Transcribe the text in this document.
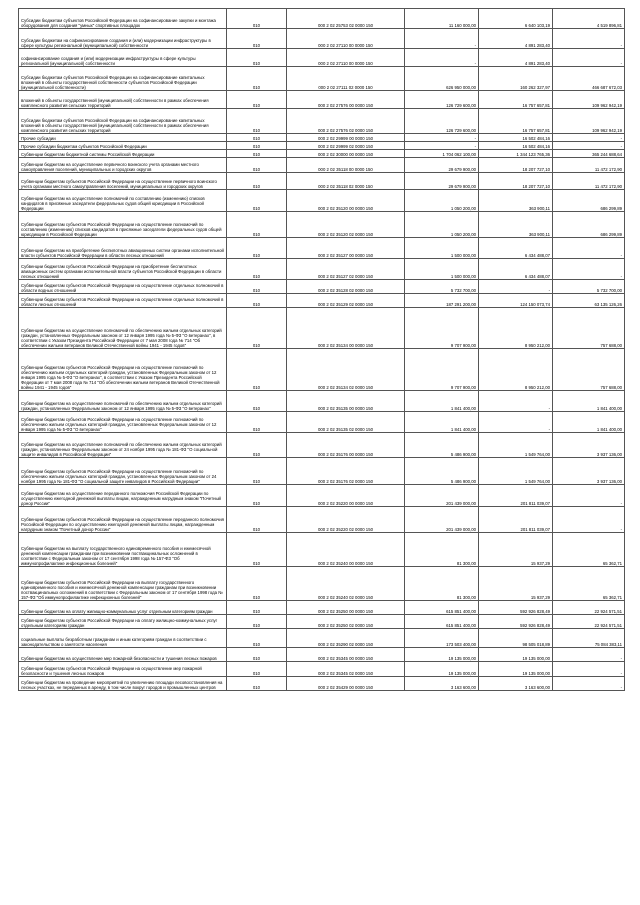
Субсидии бюджетам субъектов Российской Федерации на софинансирование закупки и монтажа оборудования для создания "умных" спортивных площадок	010	000 2 02 25753 02 0000 150	11 160 000,00	6 640 103,19	4 519 896,81
Субсидии бюджетам на софинансирование создания и (или) модернизации инфраструктуры в сфере культуры региональной (муниципальной) собственности	010	000 2 02 27110 00 0000 150	-	4 891 283,40	-
софинансирование создания и (или) модернизации инфраструктуры в сфере культуры региональной (муниципальной) собственности	010	000 2 02 27110 00 0000 150	-	4 891 283,40	-
Субсидии бюджетам субъектов Российской Федерации на софинансирование капитальных вложений в объекты государственной собственности субъектов Российской Федерации (муниципальной собственности)	010	000 2 02 27111 02 0000 150	626 950 000,00	160 262 327,97	466 687 672,03
вложений в объекты государственной (муниципальной) собственности в рамках обеспечения комплексного развития сельских территорий	010	000 2 02 27576 00 0000 150	126 729 600,00	16 757 657,81	109 962 942,19
Субсидии бюджетам субъектов Российской Федерации на софинансирование капитальных вложений в объекты государственной (муниципальной) собственности в рамках обеспечения комплексного развития сельских территорий	010	000 2 02 27576 02 0000 150	126 729 600,00	16 757 657,81	109 962 942,19
Прочие субсидии	010	000 2 02 29999 00 0000 150	-	16 502 484,16	-
Прочие субсидии бюджетам субъектов Российской Федерации	010	000 2 02 29999 02 0000 150	-	16 502 484,16	-
Субвенции бюджетам бюджетной системы Российской Федерации	010	000 2 02 30000 00 0000 150	1 704 062 100,00	1 344 123 765,36	365 244 688,64
Субвенции бюджетам на осуществление первичного воинского учета органами местного самоуправления поселений, муниципальных и городских округов	010	000 2 02 35118 00 0000 150	29 679 900,00	18 207 727,10	11 472 172,90
Субвенции бюджетам субъектов Российской Федерации на осуществление первичного воинского учета органами местного самоуправления поселений, муниципальных и городских округов	010	000 2 02 35118 02 0000 150	29 679 900,00	18 207 727,10	11 472 172,90
Субвенции бюджетам на осуществление полномочий по составлению (изменению) списков кандидатов в присяжные заседатели федеральных судов общей юрисдикции в Российской Федерации	010	000 2 02 35120 00 0000 150	1 050 200,00	363 900,11	686 299,89
Субвенции бюджетам субъектов Российской Федерации на осуществление полномочий по составлению (изменению) списков кандидатов в присяжные заседатели федеральных судов общей юрисдикции в Российской Федерации	010	000 2 02 35120 02 0000 150	1 050 200,00	363 900,11	686 299,89
Субвенции бюджетам на приобретение беспилотных авиационных систем органами исполнительной власти субъектов Российской Федерации в области лесных отношений	010	000 2 02 35127 00 0000 150	1 500 000,00	6 434 488,07	-
Субвенции бюджетам субъектов Российской Федерации на приобретение беспилотных авиационных систем органами исполнительной власти субъектов Российской Федерации в области лесных отношений	010	000 2 02 35127 02 0000 150	1 500 000,00	6 434 488,07	-
Субвенции бюджетам субъектов Российской Федерации на осуществление отдельных полномочий в области водных отношений	010	000 2 02 35128 02 0000 150	5 732 700,00	-	5 732 700,00
Субвенции бюджетам субъектов Российской Федерации на осуществление отдельных полномочий в области лесных отношений	010	000 2 02 35129 02 0000 150	187 291 200,00	124 150 073,74	63 135 126,26
Субвенции бюджетам на осуществление полномочий по обеспечению жильем отдельных категорий граждан, установленных Федеральным законом от 12 января 1995 года № 5-ФЗ "О ветеранах", в соответствии с Указом Президента Российской Федерации от 7 мая 2008 года № 714 "Об обеспечении жильем ветеранов Великой Отечественной войны 1941 - 1945 годов"	010	000 2 02 35134 00 0000 150	9 707 900,00	8 950 212,00	757 688,00
Субвенции бюджетам субъектов Российской Федерации на осуществление полномочий по обеспечению жильем отдельных категорий граждан, установленных Федеральным законом от 12 января 1995 года № 5-ФЗ "О ветеранах", в соответствии с Указом Президента Российской Федерации от 7 мая 2008 года № 714 "Об обеспечении жильем ветеранов Великой Отечественной войны 1941 - 1945 годов"	010	000 2 02 35134 02 0000 150	9 707 900,00	8 950 212,00	757 688,00
Субвенции бюджетам на осуществление полномочий по обеспечению жильем отдельных категорий граждан, установленных Федеральным законом от 12 января 1995 года № 5-ФЗ "О ветеранах"	010	000 2 02 35135 00 0000 150	1 841 400,00	-	1 841 400,00
Субвенции бюджетам субъектов Российской Федерации на осуществление полномочий по обеспечению жильем отдельных категорий граждан, установленных Федеральным законом от 12 января 1995 года № 5-ФЗ "О ветеранах"	010	000 2 02 35135 02 0000 150	1 841 400,00	-	1 841 400,00
Субвенции бюджетам на осуществление полномочий по обеспечению жильем отдельных категорий граждан, установленных Федеральным законом от 24 ноября 1995 года № 181-ФЗ "О социальной защите инвалидов в Российской Федерации"	010	000 2 02 35176 00 0000 150	5 486 900,00	1 549 764,00	3 937 136,00
Субвенции бюджетам субъектов Российской Федерации на осуществление полномочий по обеспечению жильем отдельных категорий граждан, установленных Федеральным законом от 24 ноября 1995 года № 181-ФЗ "О социальной защите инвалидов в Российской Федерации"	010	000 2 02 35176 02 0000 150	5 486 900,00	1 549 764,00	3 937 136,00
Субвенции бюджетам на осуществление переданного полномочия Российской Федерации по осуществлению ежегодной денежной выплаты лицам, награжденным нагрудным знаком "Почетный донор России"	010	000 2 02 35220 00 0000 150	201 439 000,00	201 811 039,07	-
Субвенции бюджетам субъектов Российской Федерации на осуществление переданного полномочия Российской Федерации по осуществлению ежегодной денежной выплаты лицам, награжденным нагрудным знаком "Почетный донор России"	010	000 2 02 35220 02 0000 150	201 439 000,00	201 811 039,07	-
Субвенции бюджетам на выплату государственного единовременного пособия и ежемесячной денежной компенсации гражданам при возникновении поствакцинальных осложнений в соответствии с Федеральным законом от 17 сентября 1998 года № 157-ФЗ "Об иммунопрофилактике инфекционных болезней"	010	000 2 02 35240 00 0000 150	81 300,00	15 937,29	65 362,71
Субвенции бюджетам субъектов Российской Федерации на выплату государственного единовременного пособия и ежемесячной денежной компенсации гражданам при возникновении поствакцинальных осложнений в соответствии с Федеральным законом от 17 сентября 1998 года № 157-ФЗ "Об иммунопрофилактике инфекционных болезней"	010	000 2 02 35240 02 0000 150	81 300,00	15 937,29	65 362,71
Субвенции бюджетам на оплату жилищно-коммунальных услуг отдельным категориям граждан	010	000 2 02 35250 00 0000 150	615 851 400,00	592 926 828,49	22 924 571,51
Субвенции бюджетам субъектов Российской Федерации на оплату жилищно-коммунальных услуг отдельным категориям граждан	010	000 2 02 35250 02 0000 150	615 851 400,00	592 926 828,49	22 924 571,51
социальные выплаты безработным гражданам и иным категориям граждан в соответствии с законодательством о занятости населения	010	000 2 02 35290 02 0000 150	173 503 400,00	98 505 018,89	75 084 383,11
Субвенции бюджетам на осуществление мер пожарной безопасности и тушения лесных пожаров	010	000 2 02 35345 00 0000 150	19 135 000,00	19 135 000,00	-
Субвенции бюджетам субъектов Российской Федерации на осуществление мер пожарной безопасности и тушения лесных пожаров	010	000 2 02 35345 02 0000 150	19 135 000,00	19 135 000,00	-
Субвенции бюджетам на проведение мероприятий по увеличению площади лесовосстановления на лесных участках, не переданных в аренду, в том числе вокруг городов и промышленных центров	010	000 2 02 35429 00 0000 150	3 163 600,00	3 163 600,00	-
